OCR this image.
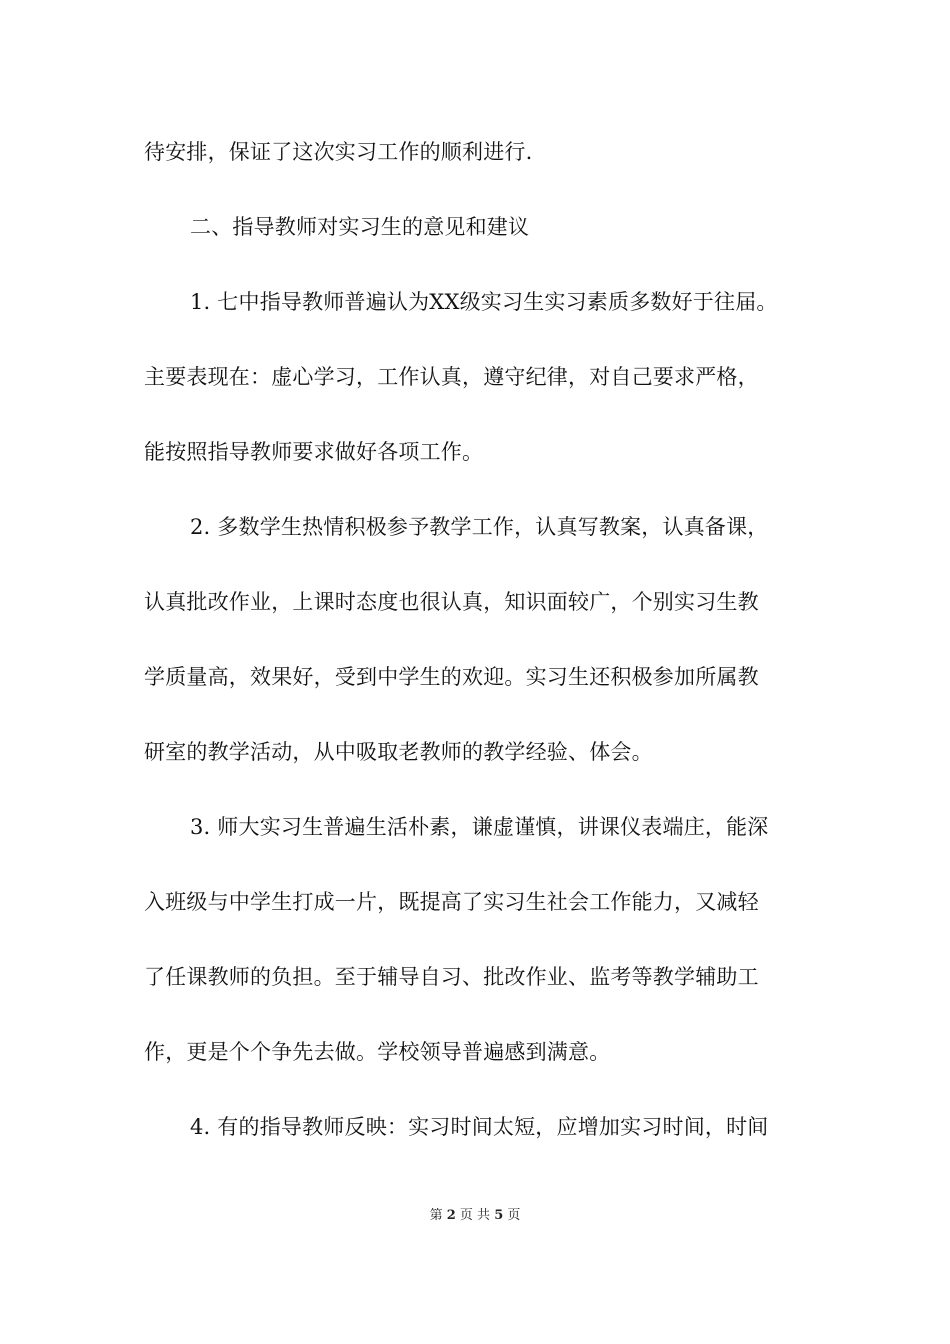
待安排，保证了这次实习工作的顺利进行.
二、指导教师对实习生的意见和建议
1. 七中指导教师普遍认为XX级实习生实习素质多数好于往届。
主要表现在：虚心学习，工作认真，遵守纪律，对自己要求严格，
能按照指导教师要求做好各项工作。
2. 多数学生热情积极参予教学工作，认真写教案，认真备课，
认真批改作业，上课时态度也很认真，知识面较广，个别实习生教
学质量高，效果好，受到中学生的欢迎。实习生还积极参加所属教
研室的教学活动，从中吸取老教师的教学经验、体会。
3. 师大实习生普遍生活朴素，谦虚谨慎，讲课仪表端庄，能深
入班级与中学生打成一片，既提高了实习生社会工作能力，又减轻
了任课教师的负担。至于辅导自习、批改作业、监考等教学辅助工
作，更是个个争先去做。学校领导普遍感到满意。
4. 有的指导教师反映：实习时间太短，应增加实习时间，时间
第 2 页 共 5 页
